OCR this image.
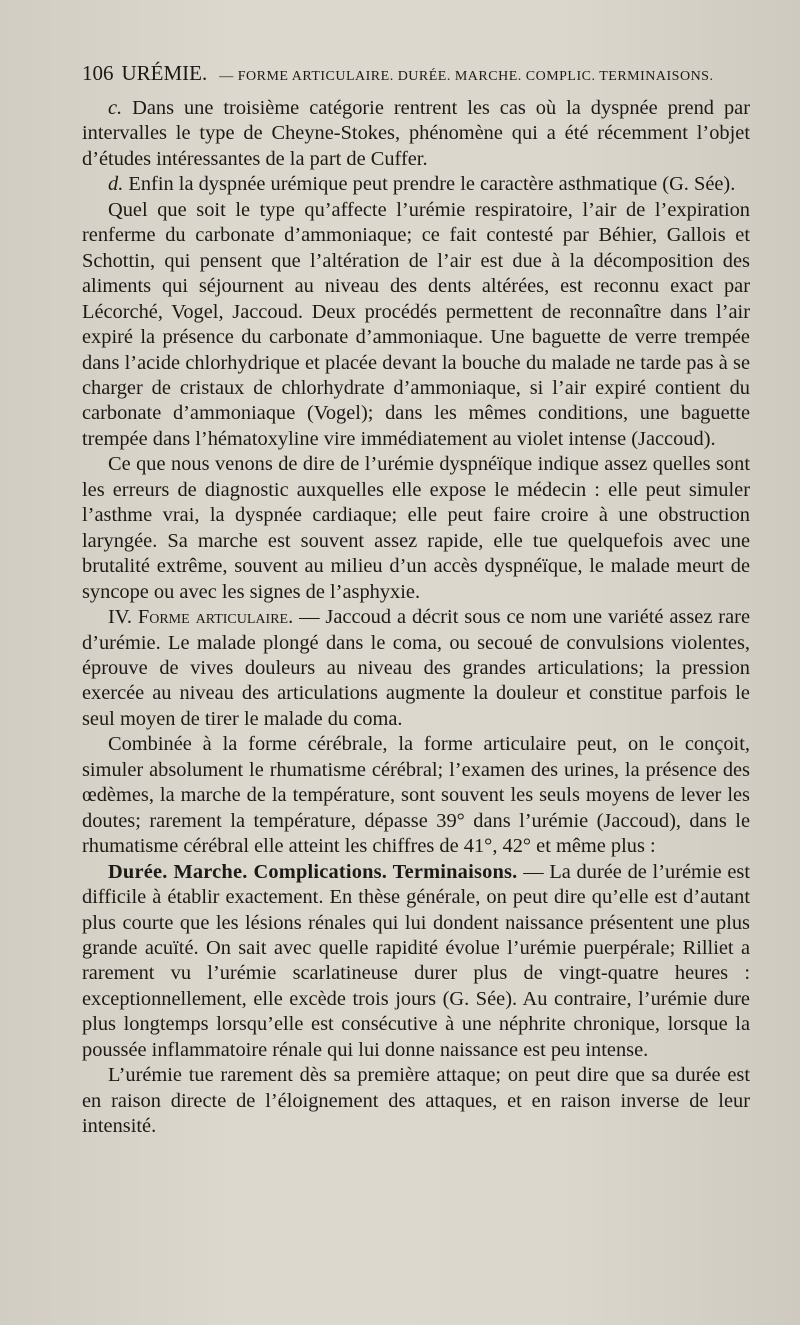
106 URÉMIE. — FORME ARTICULAIRE. DURÉE. MARCHE. COMPLIC. TERMINAISONS.

c. Dans une troisième catégorie rentrent les cas où la dyspnée prend par intervalles le type de Cheyne-Stokes, phénomène qui a été récemment l’objet d’études intéressantes de la part de Cuffer.

d. Enfin la dyspnée urémique peut prendre le caractère asthmatique (G. Sée).

Quel que soit le type qu’affecte l’urémie respiratoire, l’air de l’expiration renferme du carbonate d’ammoniaque; ce fait contesté par Béhier, Gallois et Schottin, qui pensent que l’altération de l’air est due à la décomposition des aliments qui séjournent au niveau des dents altérées, est reconnu exact par Lécorché, Vogel, Jaccoud. Deux procédés permettent de reconnaître dans l’air expiré la présence du carbonate d’ammoniaque. Une baguette de verre trempée dans l’acide chlorhydrique et placée devant la bouche du malade ne tarde pas à se charger de cristaux de chlorhydrate d’ammoniaque, si l’air expiré contient du carbonate d’ammoniaque (Vogel); dans les mêmes conditions, une baguette trempée dans l’hématoxyline vire immédiatement au violet intense (Jaccoud).

Ce que nous venons de dire de l’urémie dyspnéïque indique assez quelles sont les erreurs de diagnostic auxquelles elle expose le médecin : elle peut simuler l’asthme vrai, la dyspnée cardiaque; elle peut faire croire à une obstruction laryngée. Sa marche est souvent assez rapide, elle tue quelquefois avec une brutalité extrême, souvent au milieu d’un accès dyspnéïque, le malade meurt de syncope ou avec les signes de l’asphyxie.

IV. Forme articulaire. — Jaccoud a décrit sous ce nom une variété assez rare d’urémie. Le malade plongé dans le coma, ou secoué de convulsions violentes, éprouve de vives douleurs au niveau des grandes articulations; la pression exercée au niveau des articulations augmente la douleur et constitue parfois le seul moyen de tirer le malade du coma.

Combinée à la forme cérébrale, la forme articulaire peut, on le conçoit, simuler absolument le rhumatisme cérébral; l’examen des urines, la présence des œdèmes, la marche de la température, sont souvent les seuls moyens de lever les doutes; rarement la température, dépasse 39° dans l’urémie (Jaccoud), dans le rhumatisme cérébral elle atteint les chiffres de 41°, 42° et même plus :

Durée. Marche. Complications. Terminaisons. — La durée de l’urémie est difficile à établir exactement. En thèse générale, on peut dire qu’elle est d’autant plus courte que les lésions rénales qui lui dondent naissance présentent une plus grande acuïté. On sait avec quelle rapidité évolue l’urémie puerpérale; Rilliet a rarement vu l’urémie scarlatineuse durer plus de vingt-quatre heures : exceptionnellement, elle excède trois jours (G. Sée). Au contraire, l’urémie dure plus longtemps lorsqu’elle est consécutive à une néphrite chronique, lorsque la poussée inflammatoire rénale qui lui donne naissance est peu intense.

L’urémie tue rarement dès sa première attaque; on peut dire que sa durée est en raison directe de l’éloignement des attaques, et en raison inverse de leur intensité.
